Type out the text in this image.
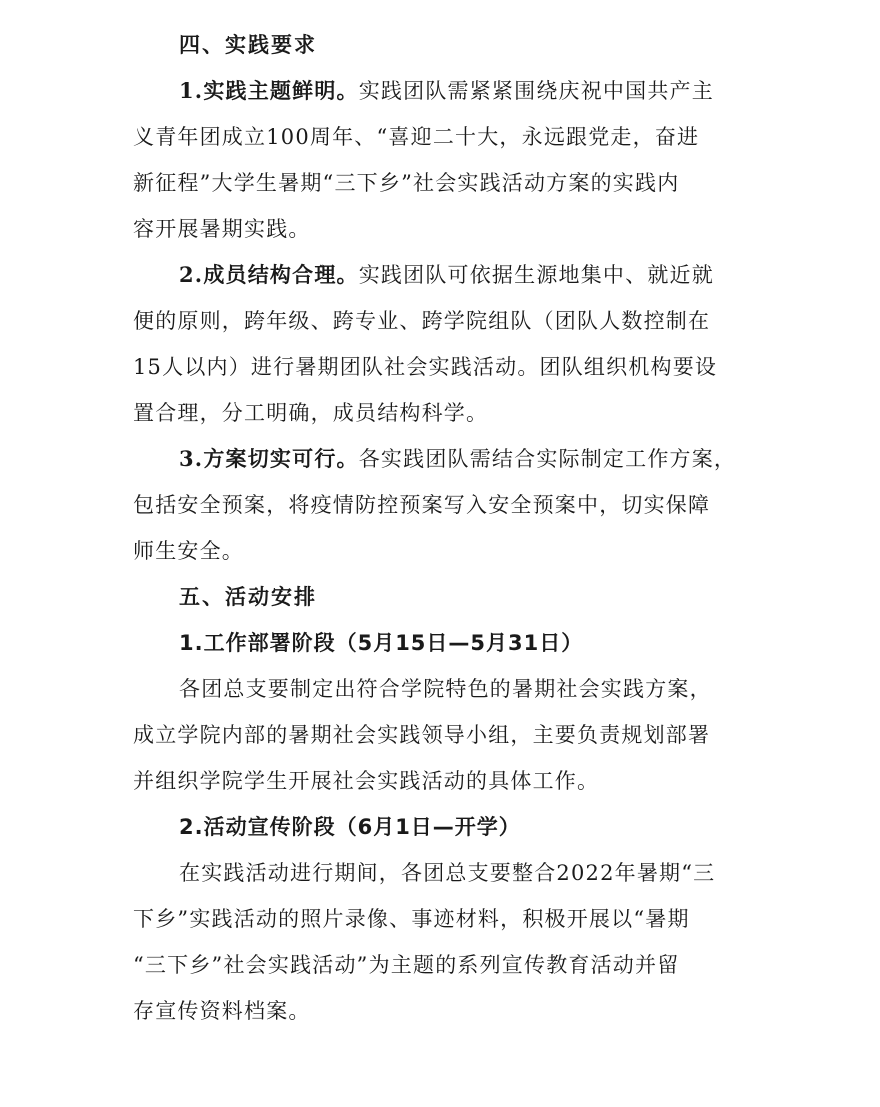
四、实践要求
1.实践主题鲜明。实践团队需紧紧围绕庆祝中国共产主
义青年团成立100周年、“喜迎二十大，永远跟党走，奋进
新征程”大学生暑期“三下乡”社会实践活动方案的实践内
容开展暑期实践。
2.成员结构合理。实践团队可依据生源地集中、就近就
便的原则，跨年级、跨专业、跨学院组队（团队人数控制在
15人以内）进行暑期团队社会实践活动。团队组织机构要设
置合理，分工明确，成员结构科学。
3.方案切实可行。各实践团队需结合实际制定工作方案，
包括安全预案，将疫情防控预案写入安全预案中，切实保障
师生安全。
五、活动安排
1.工作部署阶段（5月15日—5月31日）
各团总支要制定出符合学院特色的暑期社会实践方案，
成立学院内部的暑期社会实践领导小组，主要负责规划部署
并组织学院学生开展社会实践活动的具体工作。
2.活动宣传阶段（6月1日—开学）
在实践活动进行期间，各团总支要整合2022年暑期“三
下乡”实践活动的照片录像、事迹材料，积极开展以“暑期
“三下乡”社会实践活动”为主题的系列宣传教育活动并留
存宣传资料档案。
